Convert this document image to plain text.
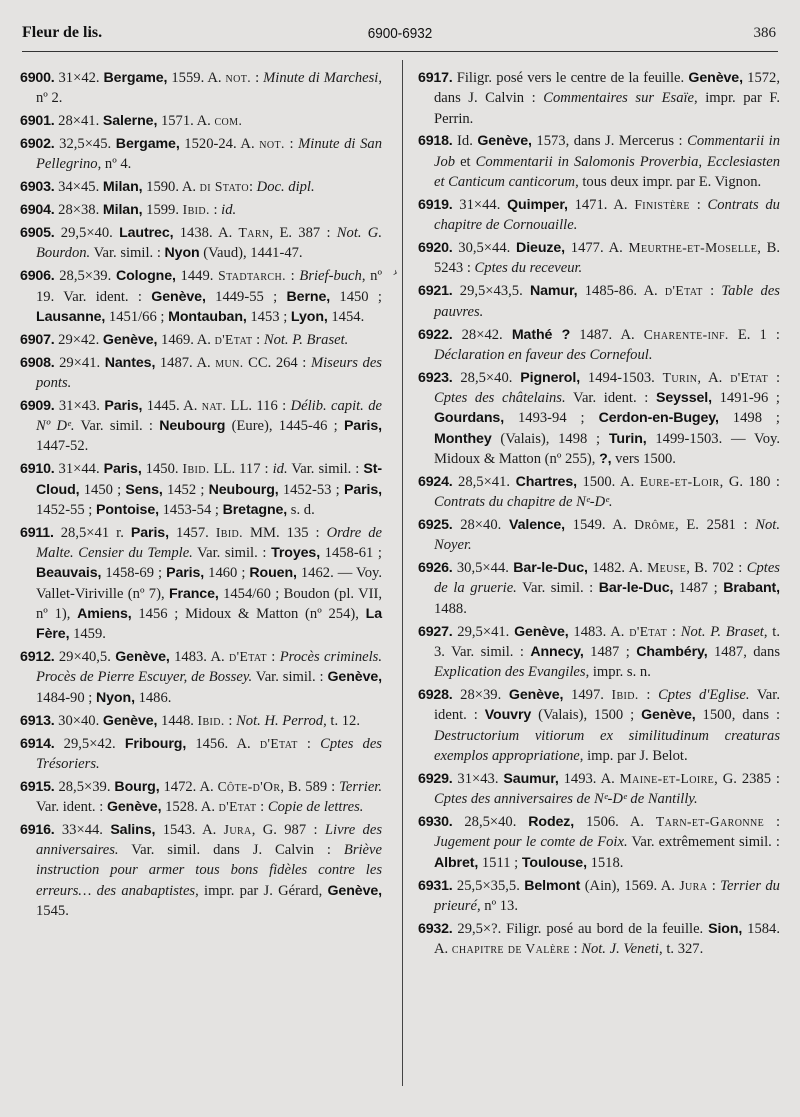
Fleur de lis.	6900-6932	386
›
6900. 31×42. Bergame, 1559. A. not. : Minute di Marchesi, nº 2.
6901. 28×41. Salerne, 1571. A. com.
6902. 32,5×45. Bergame, 1520-24. A. not. : Minute di San Pellegrino, nº 4.
6903. 34×45. Milan, 1590. A. di Stato: Doc. dipl.
6904. 28×38. Milan, 1599. Ibid. : id.
6905. 29,5×40. Lautrec, 1438. A. Tarn, E. 387 : Not. G. Bourdon. Var. simil. : Nyon (Vaud), 1441-47.
6906. 28,5×39. Cologne, 1449. Stadtarch. : Brief-buch, nº 19. Var. ident. : Genève, 1449-55 ; Berne, 1450 ; Lausanne, 1451/66 ; Montauban, 1453 ; Lyon, 1454.
6907. 29×42. Genève, 1469. A. d'Etat : Not. P. Braset.
6908. 29×41. Nantes, 1487. A. mun. CC. 264 : Miseurs des ponts.
6909. 31×43. Paris, 1445. A. nat. LL. 116 : Délib. capit. de Nº Dᵉ. Var. simil. : Neubourg (Eure), 1445-46 ; Paris, 1447-52.
6910. 31×44. Paris, 1450. Ibid. LL. 117 : id. Var. simil. : St-Cloud, 1450 ; Sens, 1452 ; Neubourg, 1452-53 ; Paris, 1452-55 ; Pontoise, 1453-54 ; Bretagne, s. d.
6911. 28,5×41 r. Paris, 1457. Ibid. MM. 135 : Ordre de Malte. Censier du Temple. Var. simil. : Troyes, 1458-61 ; Beauvais, 1458-69 ; Paris, 1460 ; Rouen, 1462. — Voy. Vallet-Viriville (nº 7), France, 1454/60 ; Boudon (pl. VII, nº 1), Amiens, 1456 ; Midoux & Matton (nº 254), La Fère, 1459.
6912. 29×40,5. Genève, 1483. A. d'Etat : Procès criminels. Procès de Pierre Escuyer, de Bossey. Var. simil. : Genève, 1484-90 ; Nyon, 1486.
6913. 30×40. Genève, 1448. Ibid. : Not. H. Perrod, t. 12.
6914. 29,5×42. Fribourg, 1456. A. d'Etat : Cptes des Trésoriers.
6915. 28,5×39. Bourg, 1472. A. Côte-d'Or, B. 589 : Terrier. Var. ident. : Genève, 1528. A. d'Etat : Copie de lettres.
6916. 33×44. Salins, 1543. A. Jura, G. 987 : Livre des anniversaires. Var. simil. dans J. Calvin : Briève instruction pour armer tous bons fidèles contre les erreurs… des anabaptistes, impr. par J. Gérard, Genève, 1545.
6917. Filigr. posé vers le centre de la feuille. Genève, 1572, dans J. Calvin : Commentaires sur Esaïe, impr. par F. Perrin.
6918. Id. Genève, 1573, dans J. Mercerus : Commentarii in Job et Commentarii in Salomonis Proverbia, Ecclesiasten et Canticum canticorum, tous deux impr. par E. Vignon.
6919. 31×44. Quimper, 1471. A. Finistère : Contrats du chapitre de Cornouaille.
6920. 30,5×44. Dieuze, 1477. A. Meurthe-et-Moselle, B. 5243 : Cptes du receveur.
6921. 29,5×43,5. Namur, 1485-86. A. d'Etat : Table des pauvres.
6922. 28×42. Mathé ? 1487. A. Charente-inf. E. 1 : Déclaration en faveur des Cornefoul.
6923. 28,5×40. Pignerol, 1494-1503. Turin, A. d'Etat : Cptes des châtelains. Var. ident. : Seyssel, 1491-96 ; Gourdans, 1493-94 ; Cerdon-en-Bugey, 1498 ; Monthey (Valais), 1498 ; Turin, 1499-1503. — Voy. Midoux & Matton (nº 255), ?, vers 1500.
6924. 28,5×41. Chartres, 1500. A. Eure-et-Loir, G. 180 : Contrats du chapitre de Nᵉ-Dᵉ.
6925. 28×40. Valence, 1549. A. Drôme, E. 2581 : Not. Noyer.
6926. 30,5×44. Bar-le-Duc, 1482. A. Meuse, B. 702 : Cptes de la gruerie. Var. simil. : Bar-le-Duc, 1487 ; Brabant, 1488.
6927. 29,5×41. Genève, 1483. A. d'Etat : Not. P. Braset, t. 3. Var. simil. : Annecy, 1487 ; Chambéry, 1487, dans Explication des Evangiles, impr. s. n.
6928. 28×39. Genève, 1497. Ibid. : Cptes d'Eglise. Var. ident. : Vouvry (Valais), 1500 ; Genève, 1500, dans : Destructorium vitiorum ex similitudinum creaturas exemplos appropriatione, imp. par J. Belot.
6929. 31×43. Saumur, 1493. A. Maine-et-Loire, G. 2385 : Cptes des anniversaires de Nᵉ-Dᵉ de Nantilly.
6930. 28,5×40. Rodez, 1506. A. Tarn-et-Garonne : Jugement pour le comte de Foix. Var. extrêmement simil. : Albret, 1511 ; Toulouse, 1518.
6931. 25,5×35,5. Belmont (Ain), 1569. A. Jura : Terrier du prieuré, nº 13.
6932. 29,5×?. Filigr. posé au bord de la feuille. Sion, 1584. A. chapitre de Valère : Not. J. Veneti, t. 327.
